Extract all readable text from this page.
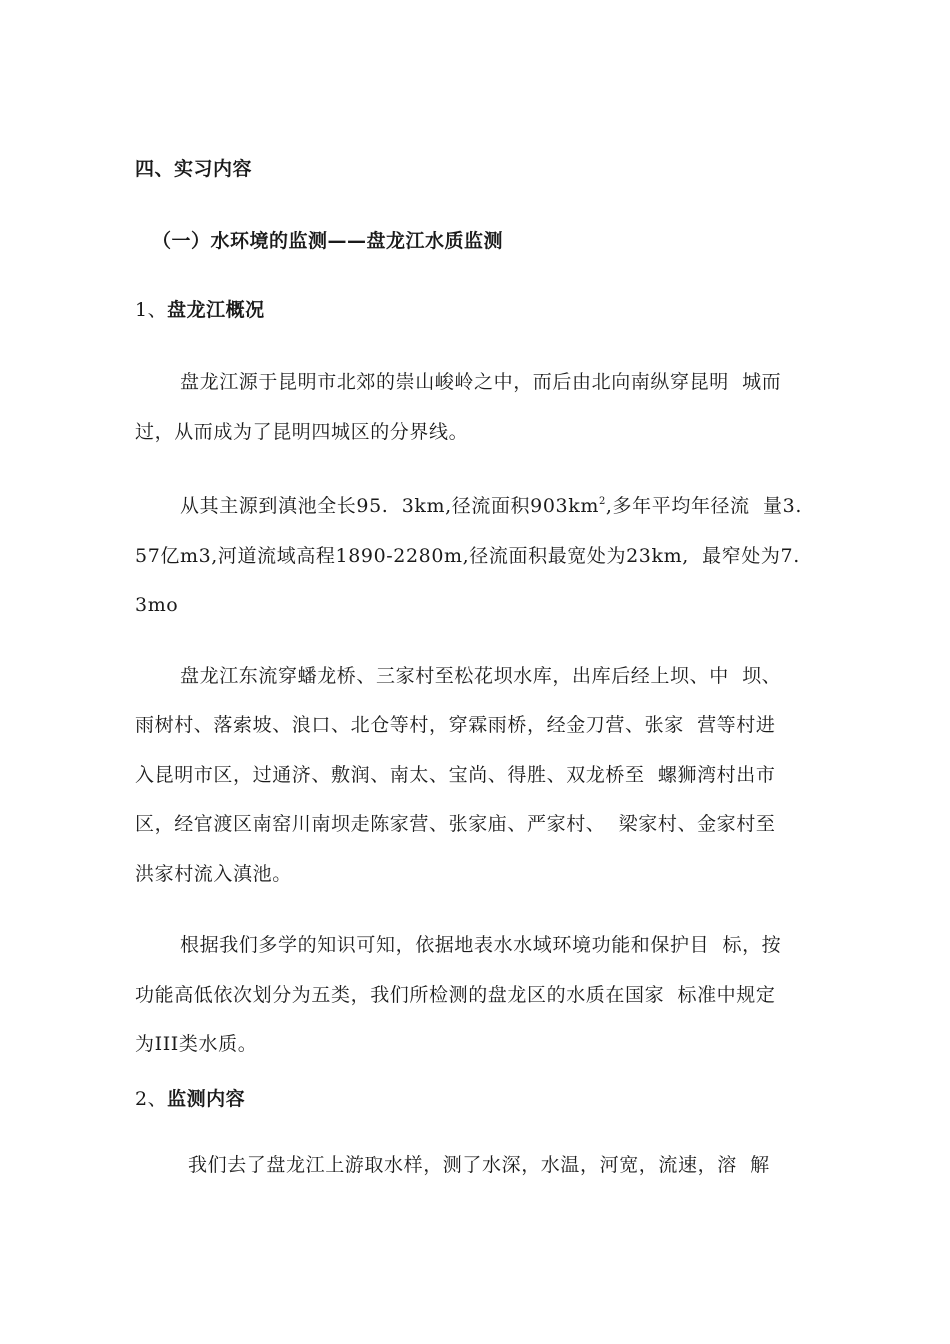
四、实习内容
（一）水环境的监测——盘龙江水质监测
1、盘龙江概况
盘龙江源于昆明市北郊的崇山峻岭之中，而后由北向南纵穿昆明  城而
过，从而成为了昆明四城区的分界线。
从其主源到滇池全长95.  3km,径流面积$903km^2$,多年平均年径流  量3.
57亿m3,河道流域高程1890-2280m,径流面积最宽处为23km,  最窄处为7.
3mo
盘龙江东流穿蟠龙桥、三家村至松花坝水库，出库后经上坝、中  坝、
雨树村、落索坡、浪口、北仓等村，穿霖雨桥，经金刀营、张家  营等村进
入昆明市区，过通济、敷润、南太、宝尚、得胜、双龙桥至  螺狮湾村出市
区，经官渡区南窑川南坝走陈家营、张家庙、严家村、  梁家村、金家村至
洪家村流入滇池。
根据我们多学的知识可知，依据地表水水域环境功能和保护目  标，按
功能高低依次划分为五类，我们所检测的盘龙区的水质在国家  标准中规定
为III类水质。
2、监测内容
我们去了盘龙江上游取水样，测了水深，水温，河宽，流速，溶  解
